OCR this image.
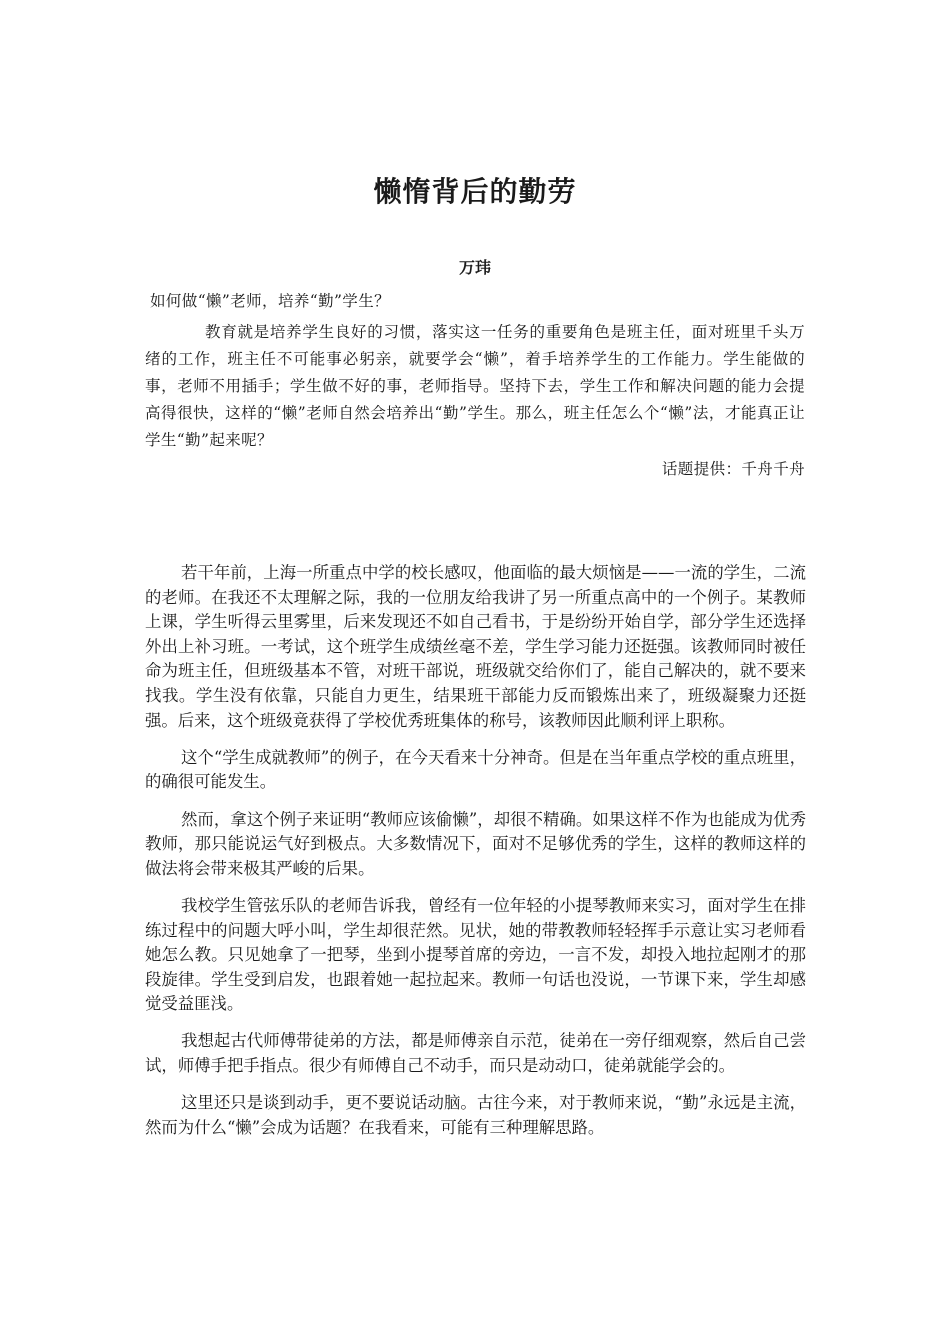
懒惰背后的勤劳
万玮

如何做“懒”老师，培养“勤”学生？

教育就是培养学生良好的习惯，落实这一任务的重要角色是班主任，面对班里千头万绪的工作，班主任不可能事必躬亲，就要学会“懒”，着手培养学生的工作能力。学生能做的事，老师不用插手；学生做不好的事，老师指导。坚持下去，学生工作和解决问题的能力会提高得很快，这样的“懒”老师自然会培养出“勤”学生。那么，班主任怎么个“懒”法，才能真正让学生“勤”起来呢？

话题提供：千舟千舟

若干年前，上海一所重点中学的校长感叹，他面临的最大烦恼是——一流的学生，二流的老师。在我还不太理解之际，我的一位朋友给我讲了另一所重点高中的一个例子。某教师上课，学生听得云里雾里，后来发现还不如自己看书，于是纷纷开始自学，部分学生还选择外出上补习班。一考试，这个班学生成绩丝毫不差，学生学习能力还挺强。该教师同时被任命为班主任，但班级基本不管，对班干部说，班级就交给你们了，能自己解决的，就不要来找我。学生没有依靠，只能自力更生，结果班干部能力反而锻炼出来了，班级凝聚力还挺强。后来，这个班级竟获得了学校优秀班集体的称号，该教师因此顺利评上职称。

这个“学生成就教师”的例子，在今天看来十分神奇。但是在当年重点学校的重点班里，的确很可能发生。

然而，拿这个例子来证明“教师应该偷懒”，却很不精确。如果这样不作为也能成为优秀教师，那只能说运气好到极点。大多数情况下，面对不足够优秀的学生，这样的教师这样的做法将会带来极其严峻的后果。

我校学生管弦乐队的老师告诉我，曾经有一位年轻的小提琴教师来实习，面对学生在排练过程中的问题大呼小叫，学生却很茫然。见状，她的带教教师轻轻挥手示意让实习老师看她怎么教。只见她拿了一把琴，坐到小提琴首席的旁边，一言不发，却投入地拉起刚才的那段旋律。学生受到启发，也跟着她一起拉起来。教师一句话也没说，一节课下来，学生却感觉受益匪浅。

我想起古代师傅带徒弟的方法，都是师傅亲自示范，徒弟在一旁仔细观察，然后自己尝试，师傅手把手指点。很少有师傅自己不动手，而只是动动口，徒弟就能学会的。

这里还只是谈到动手，更不要说话动脑。古往今来，对于教师来说，“勤”永远是主流，然而为什么“懒”会成为话题？在我看来，可能有三种理解思路。
